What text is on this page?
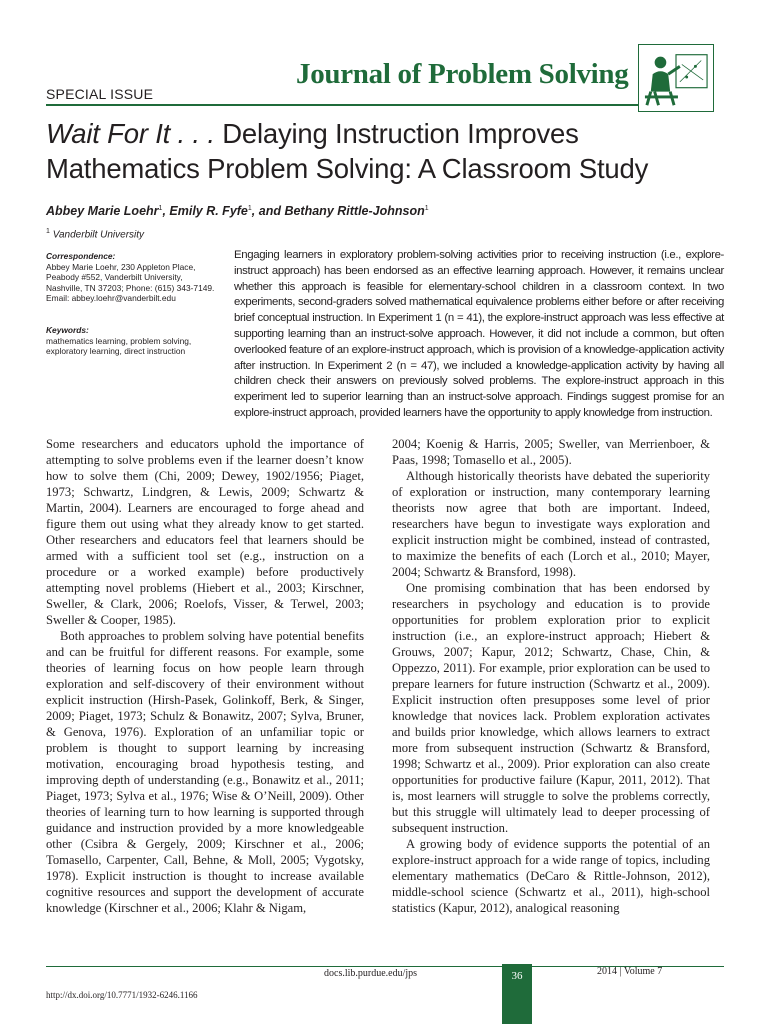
Journal of Problem Solving
SPECIAL ISSUE
Wait For It . . . Delaying Instruction Improves
Mathematics Problem Solving: A Classroom Study
Abbey Marie Loehr$^1$, Emily R. Fyfe$^1$, and Bethany Rittle-Johnson$^1$
$^1$ Vanderbilt University
Correspondence:
Abbey Marie Loehr, 230 Appleton Place,
Peabody #552, Vanderbilt University,
Nashville, TN 37203; Phone: (615) 343-7149.
Email: abbey.loehr@vanderbilt.edu
Keywords:
mathematics learning, problem solving,
exploratory learning, direct instruction
Engaging learners in exploratory problem-solving activities prior to receiving instruction (i.e., explore-instruct approach) has been endorsed as an effective learning approach. However, it remains unclear whether this approach is feasible for elementary-school children in a classroom context. In two experiments, second-graders solved mathematical equivalence problems either before or after receiving brief conceptual instruction. In Experiment 1 (n = 41), the explore-instruct approach was less effective at supporting learning than an instruct-solve approach. However, it did not include a common, but often overlooked feature of an explore-instruct approach, which is provision of a knowledge-application activity after instruction. In Experiment 2 (n = 47), we included a knowledge-application activity by having all children check their answers on previously solved problems. The explore-instruct approach in this experiment led to superior learning than an instruct-solve approach. Findings suggest promise for an explore-instruct approach, provided learners have the opportunity to apply knowledge from instruction.

Some researchers and educators uphold the importance of attempting to solve problems even if the learner doesn’t know how to solve them (Chi, 2009; Dewey, 1902/1956; Piaget, 1973; Schwartz, Lindgren, & Lewis, 2009; Schwartz & Martin, 2004). Learners are encouraged to forge ahead and figure them out using what they already know to get started. Other researchers and educators feel that learners should be armed with a sufficient tool set (e.g., instruction on a procedure or a worked example) before productively attempting novel problems (Hiebert et al., 2003; Kirschner, Sweller, & Clark, 2006; Roelofs, Visser, & Terwel, 2003; Sweller & Cooper, 1985).

Both approaches to problem solving have potential benefits and can be fruitful for different reasons. For example, some theories of learning focus on how people learn through exploration and self-discovery of their environment without explicit instruction (Hirsh-Pasek, Golinkoff, Berk, & Singer, 2009; Piaget, 1973; Schulz & Bonawitz, 2007; Sylva, Bruner, & Genova, 1976). Exploration of an unfamiliar topic or problem is thought to support learning by increasing motivation, encouraging broad hypothesis testing, and improving depth of understanding (e.g., Bonawitz et al., 2011; Piaget, 1973; Sylva et al., 1976; Wise & O’Neill, 2009). Other theories of learning turn to how learning is supported through guidance and instruction provided by a more knowledgeable other (Csibra & Gergely, 2009; Kirschner et al., 2006; Tomasello, Carpenter, Call, Behne, & Moll, 2005; Vygotsky, 1978). Explicit instruction is thought to increase available cognitive resources and support the development of accurate knowledge (Kirschner et al., 2006; Klahr & Nigam,

2004; Koenig & Harris, 2005; Sweller, van Merrienboer, & Paas, 1998; Tomasello et al., 2005).

Although historically theorists have debated the superiority of exploration or instruction, many contemporary learning theorists now agree that both are important. Indeed, researchers have begun to investigate ways exploration and explicit instruction might be combined, instead of contrasted, to maximize the benefits of each (Lorch et al., 2010; Mayer, 2004; Schwartz & Bransford, 1998).

One promising combination that has been endorsed by researchers in psychology and education is to provide opportunities for problem exploration prior to explicit instruction (i.e., an explore-instruct approach; Hiebert & Grouws, 2007; Kapur, 2012; Schwartz, Chase, Chin, & Oppezzo, 2011). For example, prior exploration can be used to prepare learners for future instruction (Schwartz et al., 2009). Explicit instruction often presupposes some level of prior knowledge that novices lack. Problem exploration activates and builds prior knowledge, which allows learners to extract more from subsequent instruction (Schwartz & Bransford, 1998; Schwartz et al., 2009). Prior exploration can also create opportunities for productive failure (Kapur, 2011, 2012). That is, most learners will struggle to solve the problems correctly, but this struggle will ultimately lead to deeper processing of subsequent instruction.

A growing body of evidence supports the potential of an explore-instruct approach for a wide range of topics, including elementary mathematics (DeCaro & Rittle-Johnson, 2012), middle-school science (Schwartz et al., 2011), high-school statistics (Kapur, 2012), analogical reasoning

docs.lib.purdue.edu/jps	36	2014 | Volume 7
http://dx.doi.org/10.7771/1932-6246.1166
